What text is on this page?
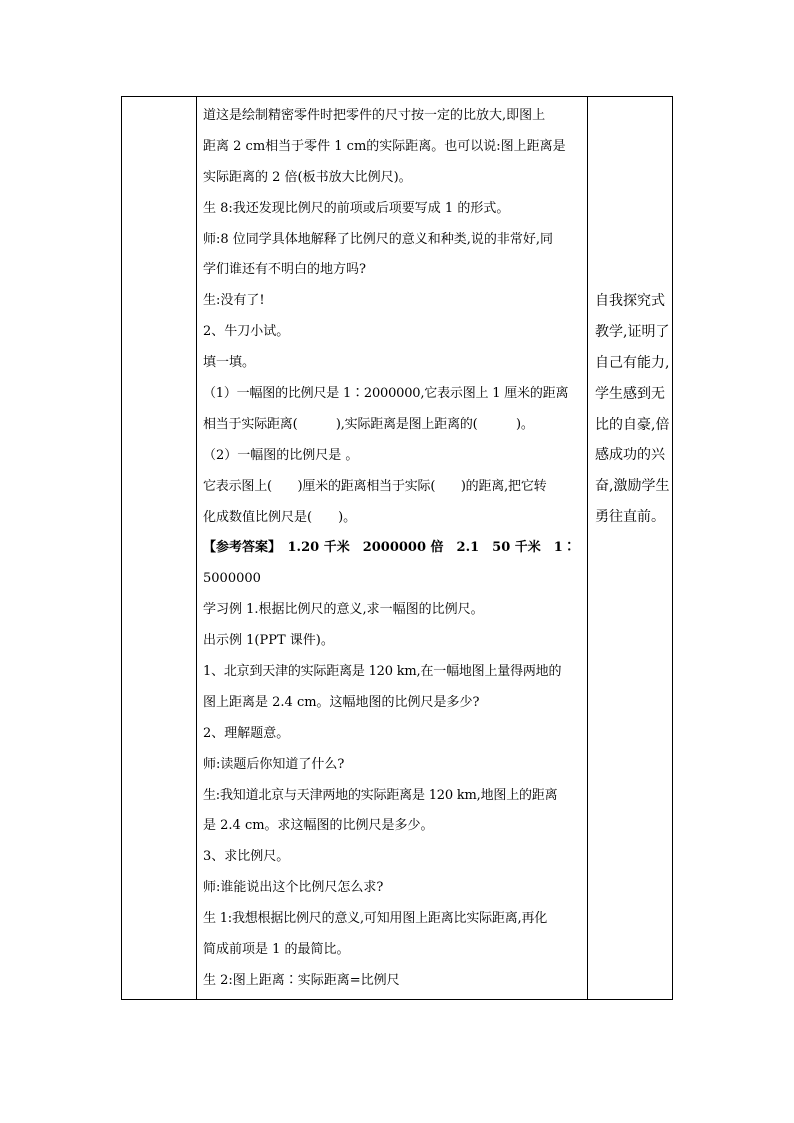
道这是绘制精密零件时把零件的尺寸按一定的比放大,即图上
距离 2 cm相当于零件 1 cm的实际距离。也可以说:图上距离是
实际距离的 2 倍(板书放大比例尺)。
生 8:我还发现比例尺的前项或后项要写成 1 的形式。
师:8 位同学具体地解释了比例尺的意义和种类,说的非常好,同
学们谁还有不明白的地方吗?
生:没有了!
2、牛刀小试。
填一填。
（1）一幅图的比例尺是 1∶2000000,它表示图上 1 厘米的距离
相当于实际距离(　　　),实际距离是图上距离的(　　　)。
（2）一幅图的比例尺是 。
它表示图上(　　)厘米的距离相当于实际(　　)的距离,把它转
化成数值比例尺是(　　)。
【参考答案】　1.20 千米　2000000 倍　2.1　50 千米　1∶
5000000
学习例 1.根据比例尺的意义,求一幅图的比例尺。
出示例 1(PPT 课件)。
1、北京到天津的实际距离是 120 km,在一幅地图上量得两地的
图上距离是 2.4 cm。这幅地图的比例尺是多少?
2、理解题意。
师:读题后你知道了什么?
生:我知道北京与天津两地的实际距离是 120 km,地图上的距离
是 2.4 cm。求这幅图的比例尺是多少。
3、求比例尺。
师:谁能说出这个比例尺怎么求?
生 1:我想根据比例尺的意义,可知用图上距离比实际距离,再化
简成前项是 1 的最简比。
生 2:图上距离∶实际距离=比例尺
自我探究式
教学,证明了
自己有能力,
学生感到无
比的自豪,倍
感成功的兴
奋,激励学生
勇往直前。
